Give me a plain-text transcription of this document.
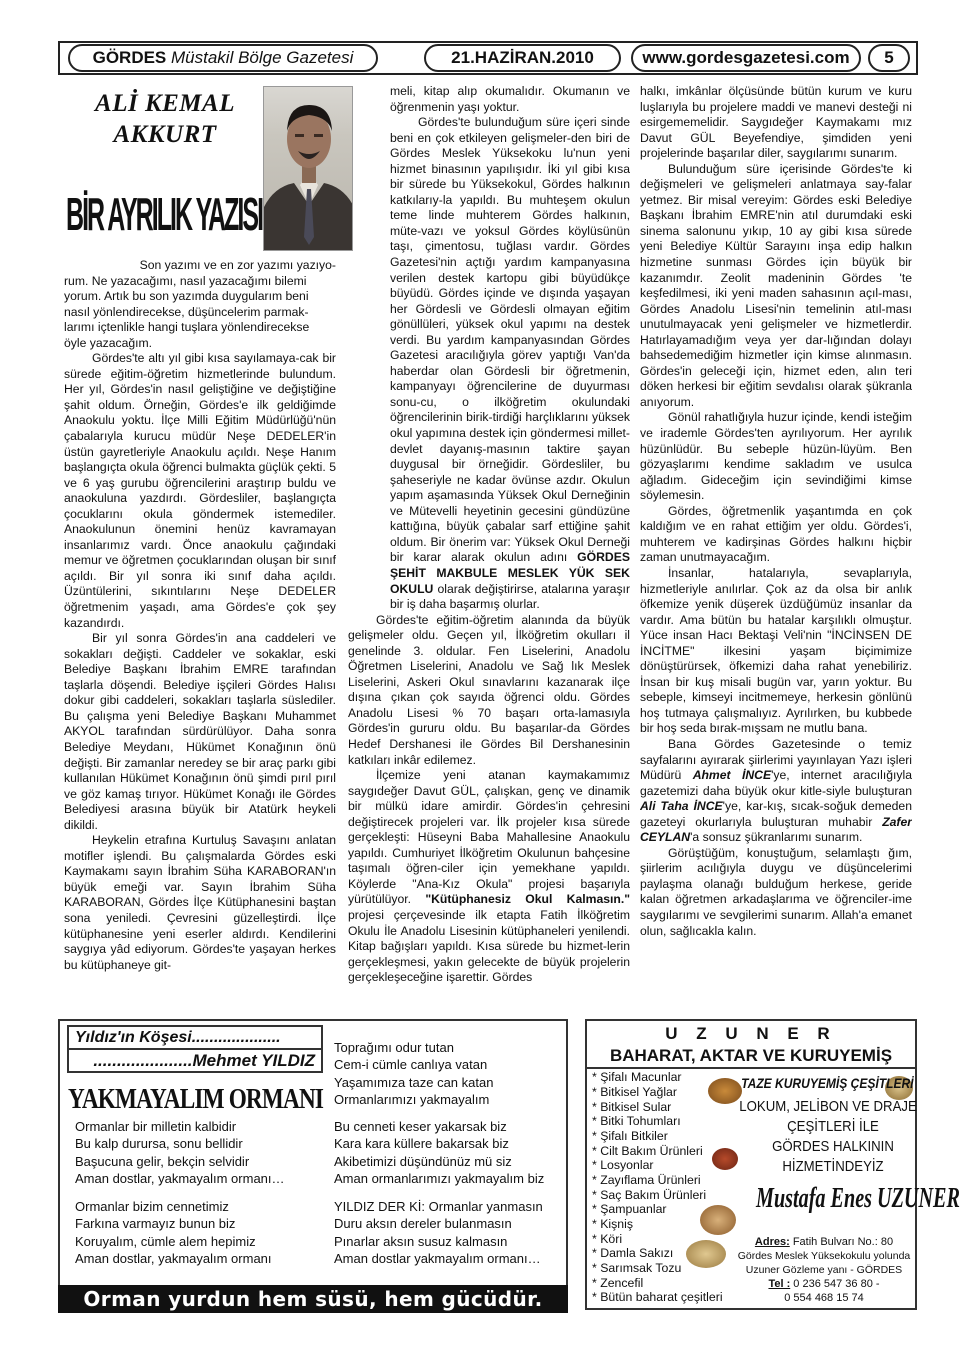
GÖRDES
Müstakil Bölge Gazetesi	21.HAZİRAN.2010	www.gordesgazetesi.com 5
ALİ KEMAL
AKKURT
BİR AYRILIK YAZISI
Son yazımı ve en zor yazımı yazıyo-
rum. Ne yazacağımı, nasıl yazacağımı bilemi
yorum. Artık bu son yazımda duygularım beni
nasıl yönlendirecekse, düşüncelerim parmak-
larımı içtenlikle hangi tuşlara yönlendirecekse
öyle yazacağım.

Gördes'te altı yıl gibi kısa sayılamaya-cak bir sürede eğitim-öğretim hizmetlerinde bulundum. Her yıl, Gördes'in nasıl geliştiğine ve değiştiğine şahit oldum. Örneğin, Gördes'e ilk geldiğimde Anaokulu yoktu. İlçe Milli Eğitim Müdürlüğü'nün çabalarıyla kurucu müdür Neşe DEDELER'in üstün gayretleriyle Anaokulu açıldı. Neşe Hanım başlangıçta okula öğrenci bulmakta güçlük çekti. 5 ve 6 yaş gurubu öğrencilerini araştırıp buldu ve anaokuluna yazdırdı. Gördesliler, başlangıçta çocuklarını okula göndermek istemediler. Anaokulunun önemini henüz kavramayan insanlarımız vardı. Önce anaokulu çağındaki memur ve öğretmen çocuklarından oluşan bir sınıf açıldı. Bir yıl sonra iki sınıf daha açıldı. Üzüntülerini, sıkıntılarını Neşe DEDELER öğretmenim yaşadı, ama Gördes'e çok şey kazandırdı.

Bir yıl sonra Gördes'in ana caddeleri ve sokakları değişti. Caddeler ve sokaklar, eski Belediye Başkanı İbrahim EMRE tarafından taşlarla döşendi. Belediye işçileri Gördes Halısı dokur gibi caddeleri, sokakları taşlarla süslediler. Bu çalışma yeni Belediye Başkanı Muhammet AKYOL tarafından sürdürülüyor. Daha sonra Belediye Meydanı, Hükümet Konağının önü değişti. Bir zamanlar neredey se bir araç parkı gibi kullanılan Hükümet Konağının önü şimdi pırıl pırıl ve göz kamaş tırıyor. Hükümet Konağı ile Gördes Belediyesi arasına büyük bir Atatürk heykeli dikildi.

Heykelin etrafına Kurtuluş Savaşını anlatan motifler işlendi. Bu çalışmalarda Gördes eski Kaymakamı sayın İbrahim Süha KARABORAN'ın büyük emeği var. Sayın İbrahim Süha KARABORAN, Gördes İlçe Kütüphanesini baştan sona yeniledi. Çevresini güzelleştirdi. İlçe kütüphanesine yeni eserler aldırdı. Kendilerini saygıya yâd ediyorum. Gördes'te yaşayan herkes bu kütüphaneye git-

meli, kitap alıp okumalıdır. Okumanın ve öğrenmenin yaşı yoktur.

Gördes'te bulunduğum süre içeri sinde beni en çok etkileyen gelişmeler-den biri de Gördes Meslek Yüksekoku lu'nun yeni hizmet binasının yapılışıdır. İki yıl gibi kısa bir sürede bu Yüksekokul, Gördes halkının katkılarıy-la yapıldı. Bu muhteşem okulun teme linde muhterem Gördes halkının, müte-vazı ve yoksul Gördes köylüsünün taşı, çimentosu, tuğlası vardır. Gördes Gazetesi'nin açtığı yardım kampanyasına verilen destek kartopu gibi büyüdükçe büyüdü. Gördes içinde ve dışında yaşayan her Gördesli ve Gördesli olmayan eğitim gönüllüleri, yüksek okul yapımı na destek verdi. Bu yardım kampanyasından Gördes Gazetesi aracılığıyla görev yaptığı Van'da haberdar olan Gördesli bir öğretmenin, kampanyayı öğrencilerine de duyurması sonu-cu, o ilköğretim okulundaki öğrencilerinin birik-tirdiği harçlıklarını yüksek okul yapımına destek için göndermesi millet-devlet dayanış-masının taktire şayan duygusal bir örneğidir. Gördesliler, bu şaheseriyle ne kadar övünse azdır. Okulun yapım aşamasında Yüksek Okul Derneğinin ve Mütevelli heyetinin gecesini gündüzüne kattığına, büyük çabalar sarf ettiğine şahit oldum. Bir önerim var: Yüksek Okul Derneği bir karar alarak okulun adını GÖRDES ŞEHİT MAKBULE MESLEK YÜK SEK OKULU olarak değiştirirse, atalarına yaraşır bir iş daha başarmış olurlar.

Gördes'te eğitim-öğretim alanında da büyük gelişmeler oldu. Geçen yıl, İlköğretim okulları il genelinde 3. oldular. Fen Liselerini, Anadolu Öğretmen Liselerini, Anadolu ve Sağ lık Meslek Liselerini, Askeri Okul sınavlarını kazanarak ilçe dışına çıkan çok sayıda öğrenci oldu. Gördes Anadolu Lisesi % 70 başarı orta-lamasıyla Gördes'in gururu oldu. Bu başarılar-da Gördes Hedef Dershanesi ile Gördes Bil Dershanesinin katkıları inkâr edilemez.

İlçemize yeni atanan kaymakamımız saygıdeğer Davut GÜL, çalışkan, genç ve dinamik bir mülkü idare amirdir. Gördes'in çehresini değiştirecek projeleri var. İlk projeler kısa sürede gerçekleşti: Hüseyni Baba Mahallesine Anaokulu yapıldı. Cumhuriyet İlköğretim Okulunun bahçesine taşımalı öğren-ciler için yemekhane yapıldı. Köylerde "Ana-Kız Okula" projesi başarıyla yürütülüyor. "Kütüphanesiz Okul Kalmasın." projesi çerçevesinde ilk etapta Fatih İlköğretim Okulu İle Anadolu Lisesinin kütüphaneleri yenilendi. Kitap bağışları yapıldı. Kısa sürede bu hizmet-lerin gerçekleşmesi, yakın gelecekte de büyük projelerin gerçekleşeceğine işarettir. Gördes

halkı, imkânlar ölçüsünde bütün kurum ve kuru luşlarıyla bu projelere maddi ve manevi desteği ni esirgememelidir. Saygıdeğer Kaymakamı mız Davut GÜL Beyefendiye, şimdiden yeni projelerinde başarılar diler, saygılarımı sunarım.

Bulunduğum süre içerisinde Gördes'te ki değişmeleri ve gelişmeleri anlatmaya say-falar yetmez. Bir misal vereyim: Gördes eski Belediye Başkanı İbrahim EMRE'nin atıl durumdaki eski sinema salonunu yıkıp, 10 ay gibi kısa sürede yeni Belediye Kültür Sarayını inşa edip halkın hizmetine sunması Gördes için büyük bir kazanımdır. Zeolit madeninin Gördes 'te keşfedilmesi, iki yeni maden sahasının açıl-ması, Gördes Anadolu Lisesi'nin temelinin atıl-ması unutulmayacak yeni gelişmeler ve hizmetlerdir. Hatırlayamadığım veya yer dar-lığından dolayı bahsedemediğim hizmetler için kimse alınmasın. Gördes'in geleceği için, hizmet eden, alın teri döken herkesi bir eğitim sevdalısı olarak şükranla anıyorum.

Gönül rahatlığıyla huzur içinde, kendi isteğim ve irademle Gördes'ten ayrılıyorum. Her ayrılık hüzünlüdür. Bu sebeple hüzün-lüyüm. Ben gözyaşlarımı kendime sakladım ve usulca ağladım. Gideceğim için sevindiğimi kimse söylemesin.

Gördes, öğretmenlik yaşantımda en çok kaldığım ve en rahat ettiğim yer oldu. Gördes'i, muhterem ve kadirşinas Gördes halkını hiçbir zaman unutmayacağım.

İnsanlar, hatalarıyla, sevaplarıyla, hizmetleriyle anılırlar. Çok az da olsa bir anlık öfkemize yenik düşerek üzdüğümüz insanlar da vardır. Ama bütün bu hatalar karşılıklı olmuştur. Yüce insan Hacı Bektaşi Veli'nin "İNCİNSEN DE İNCİTME" ilkesini yaşam biçimimize dönüştürürsek, öfkemizi daha rahat yenebiliriz. İnsan bir kuş misali bugün var, yarın yoktur. Bu sebeple, kimseyi incitmemeye, herkesin gönlünü hoş tutmaya çalışmalıyız. Ayrılırken, bu kubbede bir hoş seda bırak-mışsam ne mutlu bana.

Bana Gördes Gazetesinde o temiz sayfalarını ayırarak şiirlerimi yayınlayan Yazı işleri Müdürü Ahmet İNCE'ye, internet aracılığıyla gazetemizi daha büyük okur kitle-siyle buluşturan Ali Taha İNCE'ye, kar-kış, sıcak-soğuk demeden gazeteyi okurlarıyla buluşturan muhabir Zafer CEYLAN'a sonsuz şükranlarımı sunarım.

Görüştüğüm, konuştuğum, selamlaştı ğım, şiirlerim acılığıyla duygu ve düşüncelerimi paylaşma olanağı bulduğum herkese, geride kalan öğretmen arkadaşlarıma ve öğrenciler-ime saygılarımı ve sevgilerimi sunarım. Allah'a emanet olun, sağlıcakla kalın.

Yıldız'ın Köşesi....................
.....................Mehmet YILDIZ
YAKMAYALIM ORMANI
Ormanlar bir milletin kalbidir
Bu kalp durursa, sonu bellidir
Başucuna gelir, bekçin selvidir
Aman dostlar, yakmayalım ormanı…
Ormanlar bizim cennetimiz
Farkına varmayız bunun biz
Koruyalım, cümle alem hepimiz
Aman dostlar, yakmayalım ormanı
Toprağımı odur tutan
Cem-i cümle canlıya vatan
Yaşamımıza taze can katan
Ormanlarımızı yakmayalım
Bu cenneti keser yakarsak biz
Kara kara küllere bakarsak biz
Akibetimizi düşündünüz mü siz
Aman ormanlarımızı yakmayalım biz
YILDIZ DER Kİ: Ormanlar yanmasın
Duru aksın dereler bulanmasın
Pınarlar aksın susuz kalmasın
Aman dostlar yakmayalım ormanı…
Orman yurdun hem süsü, hem gücüdür.
U Z U N E R
BAHARAT, AKTAR VE KURUYEMİŞ
* Şifalı Macunlar
* Bitkisel Yağlar
* Bitkisel Sular
* Bitki Tohumları
* Şifalı Bitkiler
* Cilt Bakım Ürünleri
* Losyonlar
* Zayıflama Ürünleri
* Saç Bakım Ürünleri
* Şampuanlar
* Kişniş
* Köri
* Damla Sakızı
* Sarımsak Tozu
* Zencefil
* Bütün baharat çeşitleri
TAZE KURUYEMİŞ ÇEŞİTLERİ
LOKUM, JELİBON VE DRAJE
ÇEŞİTLERİ İLE
GÖRDES HALKININ
HİZMETİNDEYİZ
Mustafa Enes UZUNER
Adres: Fatih Bulvarı No.: 80
Gördes Meslek Yüksekokulu yolunda
Uzuner Gözleme yanı - GÖRDES
Tel : 0 236 547 36 80 -
0 554 468 15 74
